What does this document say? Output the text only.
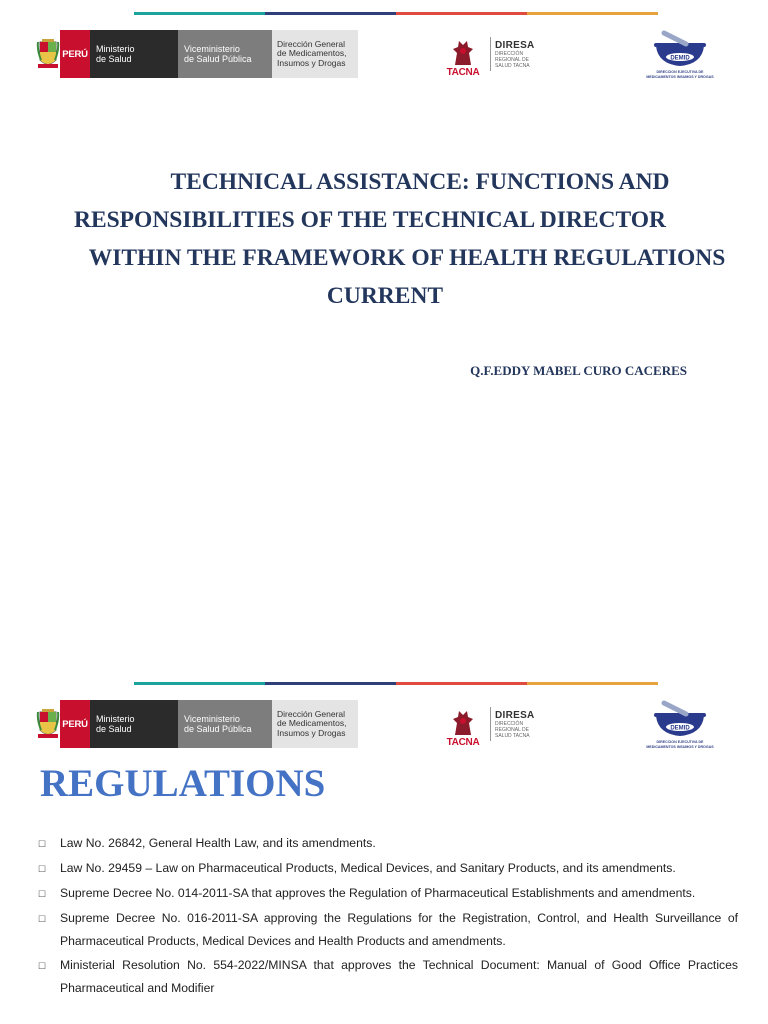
PERÚ Ministerio
de Salud
Viceministerio
de Salud Pública
Dirección General
de Medicamentos,
Insumos y Drogas
TACNA
DIRESA
DIRECCIÓN
REGIONAL DE
SALUD TACNA
DEMID
DIRECCION EJECUTIVA DE
MEDICAMENTOS INSUMOS Y DROGAS
TECHNICAL ASSISTANCE: FUNCTIONS AND
RESPONSIBILITIES OF THE TECHNICAL DIRECTOR
WITHIN THE FRAMEWORK OF HEALTH REGULATIONS
CURRENT

Q.F.EDDY MABEL CURO CACERES

PERÚ Ministerio
de Salud
Viceministerio
de Salud Pública
Dirección General
de Medicamentos,
Insumos y Drogas
TACNA
DIRESA
DIRECCIÓN
REGIONAL DE
SALUD TACNA
DEMID
DIRECCION EJECUTIVA DE
MEDICAMENTOS INSUMOS Y DROGAS
REGULATIONS
☐	Law No. 26842, General Health Law, and its amendments.
☐	Law No. 29459 – Law on Pharmaceutical Products, Medical Devices, and Sanitary Products, and its amendments.
☐	Supreme Decree No. 014-2011-SA that approves the Regulation of Pharmaceutical Establishments and amendments.
☐	Supreme Decree No. 016-2011-SA approving the Regulations for the Registration, Control, and Health Surveillance of Pharmaceutical Products, Medical Devices and Health Products and amendments.
☐	Ministerial Resolution No. 554-2022/MINSA that approves the Technical Document: Manual of Good Office Practices Pharmaceutical and Modifier
